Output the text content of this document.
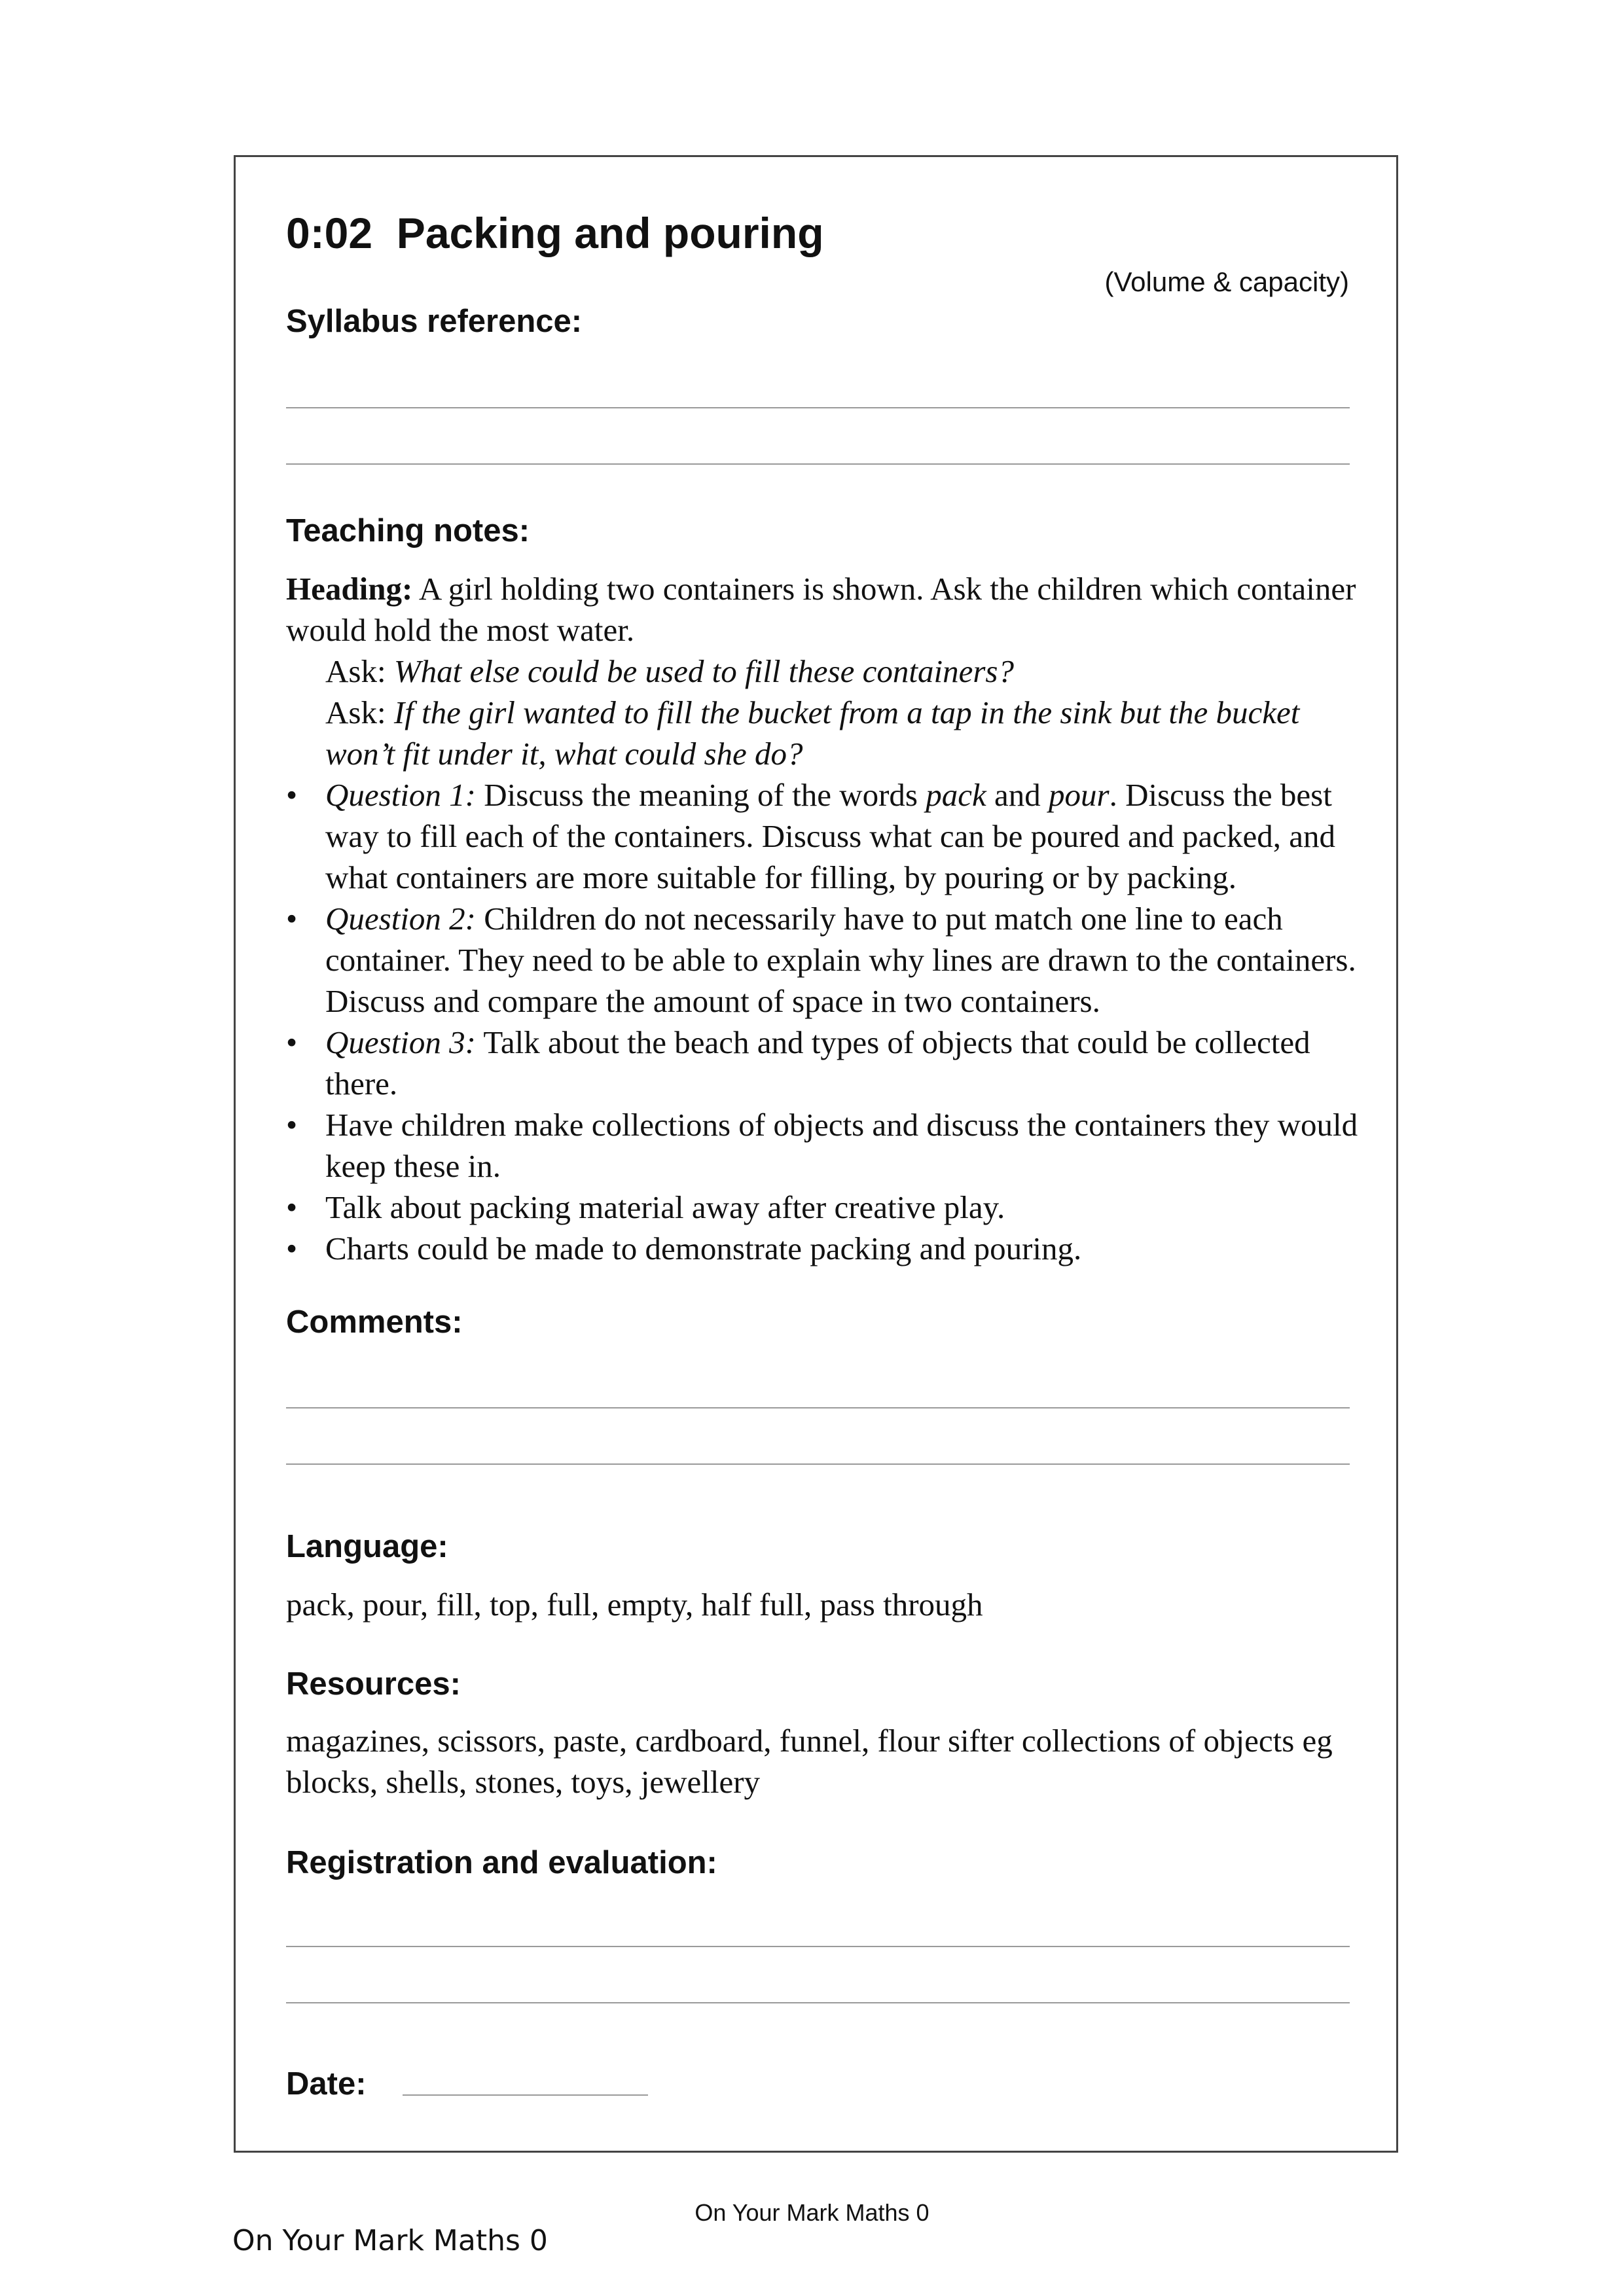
0:02 Packing and pouring
(Volume & capacity)
Syllabus reference:
Teaching notes:

Heading: A girl holding two containers is shown. Ask the children which container would hold the most water.

Ask: What else could be used to fill these containers?

Ask: If the girl wanted to fill the bucket from a tap in the sink but the bucket won’t fit under it, what could she do?

• Question 1: Discuss the meaning of the words pack and pour. Discuss the best way to fill each of the containers. Discuss what can be poured and packed, and what containers are more suitable for filling, by pouring or by packing.
• Question 2: Children do not necessarily have to put match one line to each container. They need to be able to explain why lines are drawn to the containers. Discuss and compare the amount of space in two containers.
• Question 3: Talk about the beach and types of objects that could be collected there.
• Have children make collections of objects and discuss the containers they would keep these in.
• Talk about packing material away after creative play.
• Charts could be made to demonstrate packing and pouring.
Comments:
Language:
pack, pour, fill, top, full, empty, half full, pass through
Resources:
magazines, scissors, paste, cardboard, funnel, flour sifter collections of objects eg blocks, shells, stones, toys, jewellery
Registration and evaluation:
Date:
On Your Mark Maths 0
On Your Mark Maths 0
